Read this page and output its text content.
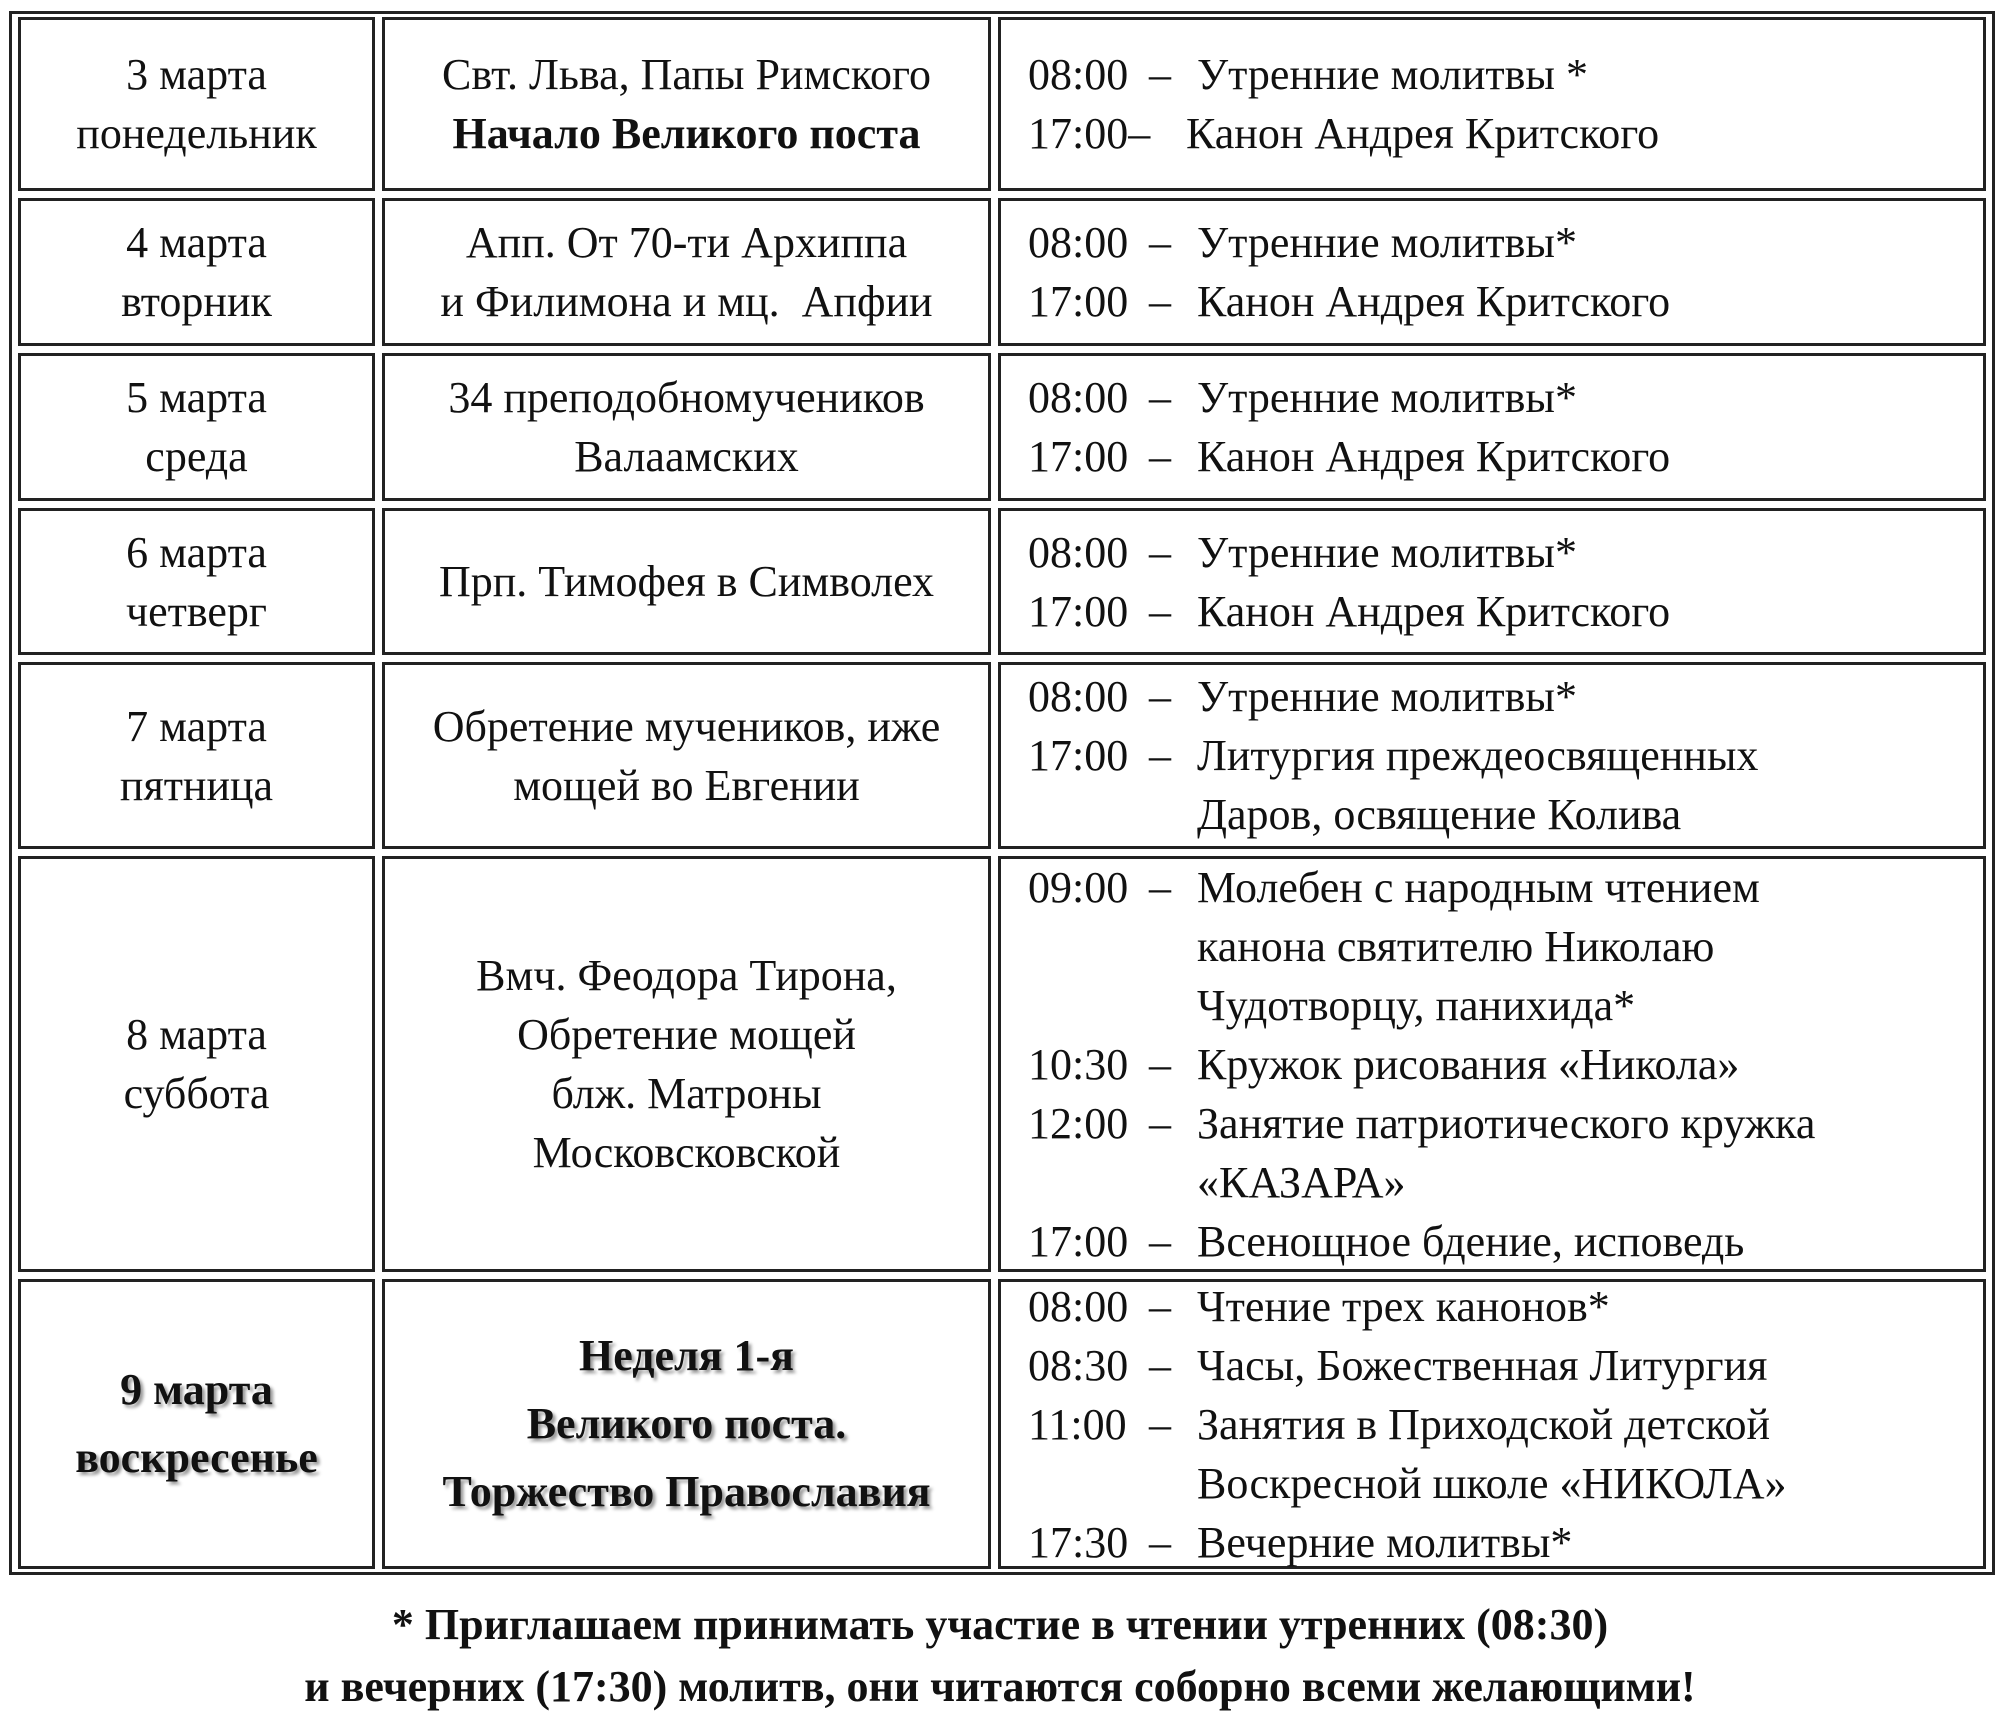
3 марта
понедельник
Свт. Льва, Папы Римского
Начало Великого поста
08:00 – Утренние молитвы *
17:00– Канон Андрея Критского
4 марта
вторник
Апп. От 70-ти Архиппа
и Филимона и мц.  Апфии
08:00 – Утренние молитвы*
17:00 – Канон Андрея Критского
5 марта
среда
34 преподобномучеников
Валаамских
08:00 – Утренние молитвы*
17:00 – Канон Андрея Критского
6 марта
четверг
Прп. Тимофея в Символех
08:00 – Утренние молитвы*
17:00 – Канон Андрея Критского
7 марта
пятница
Обретение мучеников, иже
мощей во Евгении
08:00 – Утренние молитвы*
17:00 – Литургия преждеосвященных
Даров, освящение Колива
8 марта
суббота
Вмч. Феодора Тирона,
Обретение мощей
блж. Матроны
Московсковской
09:00 – Молебен с народным чтением
канона святителю Николаю
Чудотворцу, панихида*
10:30 – Кружок рисования «Никола»
12:00 – Занятие патриотического кружка
«КАЗАРА»
17:00 – Всенощное бдение, исповедь
9 марта
воскресенье
Неделя 1-я
Великого поста.
Торжество Православия
08:00 – Чтение трех канонов*
08:30 – Часы, Божественная Литургия
11:00 – Занятия в Приходской детской
Воскресной школе «НИКОЛА»
17:30 – Вечерние молитвы*
* Приглашаем принимать участие в чтении утренних (08:30)
и вечерних (17:30) молитв, они читаются соборно всеми желающими!
